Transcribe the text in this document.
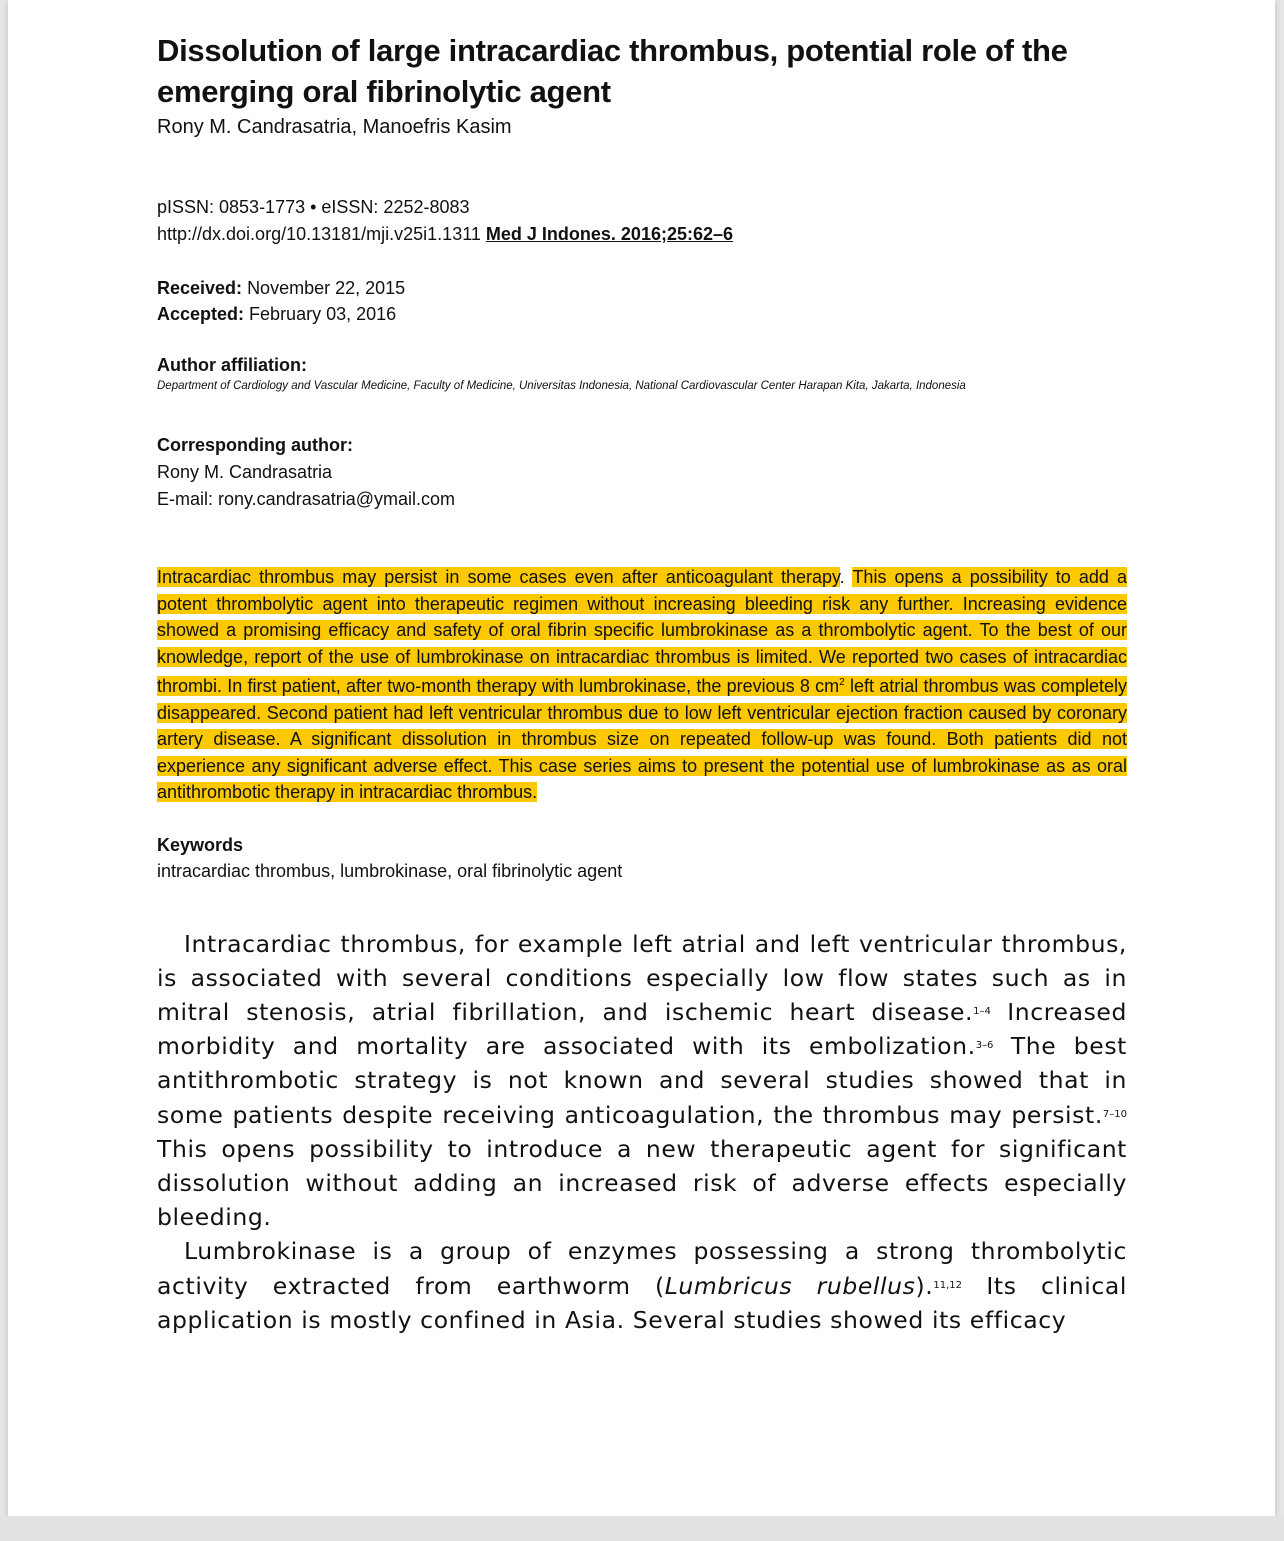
Dissolution of large intracardiac thrombus, potential role of the emerging oral fibrinolytic agent
Rony M. Candrasatria, Manoefris Kasim
pISSN: 0853-1773 • eISSN: 2252-8083
http://dx.doi.org/10.13181/mji.v25i1.1311 Med J Indones. 2016;25:62–6
Received: November 22, 2015
Accepted: February 03, 2016
Author affiliation:
Department of Cardiology and Vascular Medicine, Faculty of Medicine, Universitas Indonesia, National Cardiovascular Center Harapan Kita, Jakarta, Indonesia
Corresponding author:
Rony M. Candrasatria
E-mail: rony.candrasatria@ymail.com
Intracardiac thrombus may persist in some cases even after anticoagulant therapy. This opens a possibility to add a potent thrombolytic agent into therapeutic regimen without increasing bleeding risk any further. Increasing evidence showed a promising efficacy and safety of oral fibrin specific lumbrokinase as a thrombolytic agent. To the best of our knowledge, report of the use of lumbrokinase on intracardiac thrombus is limited. We reported two cases of intracardiac thrombi. In first patient, after two-month therapy with lumbrokinase, the previous 8 $cm^2$ left atrial thrombus was completely disappeared. Second patient had left ventricular thrombus due to low left ventricular ejection fraction caused by coronary artery disease. A significant dissolution in thrombus size on repeated follow-up was found. Both patients did not experience any significant adverse effect. This case series aims to present the potential use of lumbrokinase as as oral antithrombotic therapy in intracardiac thrombus.
Keywords
intracardiac thrombus, lumbrokinase, oral fibrinolytic agent

Intracardiac thrombus, for example left atrial and left ventricular thrombus, is associated with several conditions especially low flow states such as in mitral stenosis, atrial fibrillation, and ischemic heart disease.$^{1-4}$ Increased morbidity and mortality are associated with its embolization.$^{3-6}$ The best antithrombotic strategy is not known and several studies showed that in some patients despite receiving anticoagulation, the thrombus may persist.$^{7-10}$ This opens possibility to introduce a new therapeutic agent for significant dissolution without adding an increased risk of adverse effects especially bleeding.

Lumbrokinase is a group of enzymes possessing a strong thrombolytic activity extracted from earthworm (Lumbricus rubellus).$^{11,12}$ Its clinical application is mostly confined in Asia. Several studies showed its efficacy
